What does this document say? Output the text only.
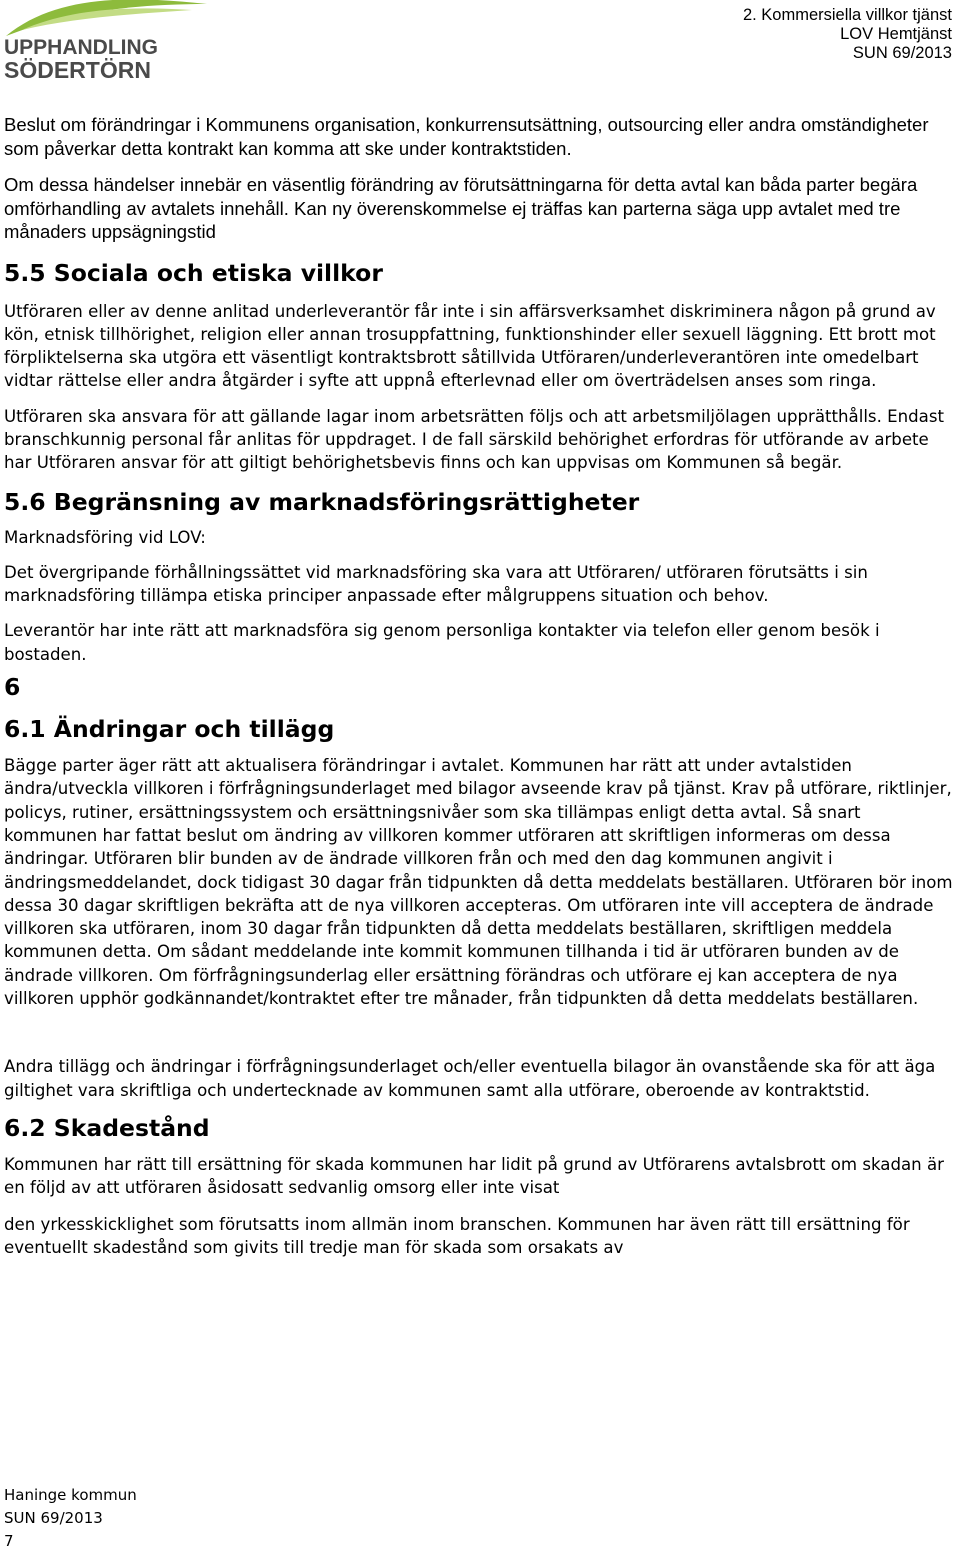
UPPHANDLING
SÖDERTÖRN
2. Kommersiella villkor tjänst
LOV Hemtjänst
SUN 69/2013

Beslut om förändringar i Kommunens organisation, konkurrensutsättning, outsourcing eller andra omständigheter som påverkar detta kontrakt kan komma att ske under kontraktstiden.

Om dessa händelser innebär en väsentlig förändring av förutsättningarna för detta avtal kan båda parter begära omförhandling av avtalets innehåll. Kan ny överenskommelse ej träffas kan parterna säga upp avtalet med tre månaders uppsägningstid

5.5 Sociala och etiska villkor

Utföraren eller av denne anlitad underleverantör får inte i sin affärsverksamhet diskriminera någon på grund av kön, etnisk tillhörighet, religion eller annan trosuppfattning, funktionshinder eller sexuell läggning. Ett brott mot förpliktelserna ska utgöra ett väsentligt kontraktsbrott såtillvida Utföraren/underleverantören inte omedelbart vidtar rättelse eller andra åtgärder i syfte att uppnå efterlevnad eller om överträdelsen anses som ringa.

Utföraren ska ansvara för att gällande lagar inom arbetsrätten följs och att arbetsmiljölagen upprätthålls. Endast branschkunnig personal får anlitas för uppdraget. I de fall särskild behörighet erfordras för utförande av arbete har Utföraren ansvar för att giltigt behörighetsbevis finns och kan uppvisas om Kommunen så begär.

5.6 Begränsning av marknadsföringsrättigheter

Marknadsföring vid LOV:

Det övergripande förhållningssättet vid marknadsföring ska vara att Utföraren/ utföraren förutsätts i sin marknadsföring tillämpa etiska principer anpassade efter målgruppens situation och behov.

Leverantör har inte rätt att marknadsföra sig genom personliga kontakter via telefon eller genom besök i bostaden.

6
6.1 Ändringar och tillägg

Bägge parter äger rätt att aktualisera förändringar i avtalet. Kommunen har rätt att under avtalstiden ändra/utveckla villkoren i förfrågningsunderlaget med bilagor avseende krav på tjänst. Krav på utförare, riktlinjer, policys, rutiner, ersättningssystem och ersättningsnivåer som ska tillämpas enligt detta avtal. Så snart kommunen har fattat beslut om ändring av villkoren kommer utföraren att skriftligen informeras om dessa ändringar. Utföraren blir bunden av de ändrade villkoren från och med den dag kommunen angivit i ändringsmeddelandet, dock tidigast 30 dagar från tidpunkten då detta meddelats beställaren. Utföraren bör inom dessa 30 dagar skriftligen bekräfta att de nya villkoren accepteras. Om utföraren inte vill acceptera de ändrade villkoren ska utföraren, inom 30 dagar från tidpunkten då detta meddelats beställaren, skriftligen meddela kommunen detta. Om sådant meddelande inte kommit kommunen tillhanda i tid är utföraren bunden av de ändrade villkoren. Om förfrågningsunderlag eller ersättning förändras och utförare ej kan acceptera de nya villkoren upphör godkännandet/kontraktet efter tre månader, från tidpunkten då detta meddelats beställaren.

Andra tillägg och ändringar i förfrågningsunderlaget och/eller eventuella bilagor än ovanstående ska för att äga giltighet vara skriftliga och undertecknade av kommunen samt alla utförare, oberoende av kontraktstid.

6.2 Skadestånd

Kommunen har rätt till ersättning för skada kommunen har lidit på grund av Utförarens avtalsbrott om skadan är en följd av att utföraren åsidosatt sedvanlig omsorg eller inte visat

den yrkesskicklighet som förutsatts inom allmän inom branschen. Kommunen har även rätt till ersättning för eventuellt skadestånd som givits till tredje man för skada som orsakats av

Haninge kommun
SUN 69/2013
7
